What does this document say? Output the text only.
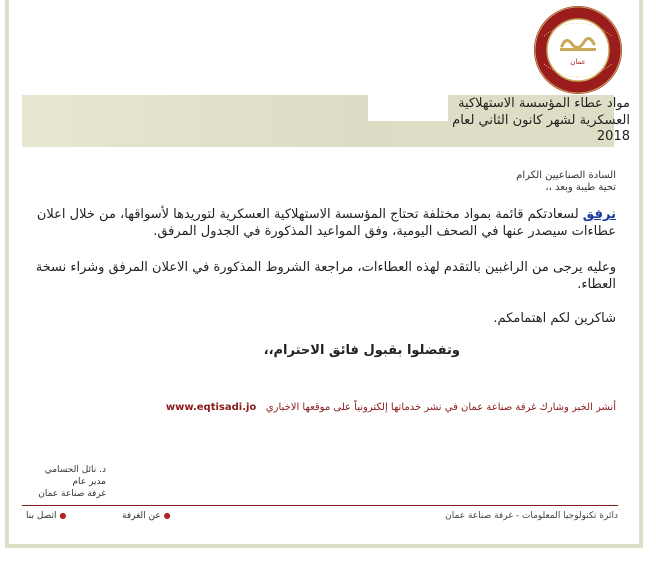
عمان
مواد عطاء المؤسسة الاستهلاكية
العسكرية لشهر كانون الثاني لعام
2018
السادة الصناعيين الكرام
تحية طيبة وبعد ،،
نرفق لسعادتكم قائمة بمواد مختلفة تحتاج المؤسسة الاستهلاكية العسكرية لتوريدها لأسواقها، من خلال اعلان عطاءات سيصدر عنها في الصحف اليومية، وفق المواعيد المذكورة في الجدول المرفق.
وعليه يرجى من الراغبين بالتقدم لهذه العطاءات، مراجعة الشروط المذكورة في الاعلان المرفق وشراء نسخة العطاء.
شاكرين لكم اهتمامكم.
وتفضلوا بقبول فائق الاحترام،،
أنشر الخبر وشارك غرفة صناعة عمان في نشر خدماتها إلكترونياً على موقعها الاخباري   www.eqtisadi.jo
د. نائل الحسامي
مدير عام
غرفة صناعة عمان
دائرة تكنولوجيا المعلومات - غرفة صناعة عمان
● عن الغرفة
● اتصل بنا
